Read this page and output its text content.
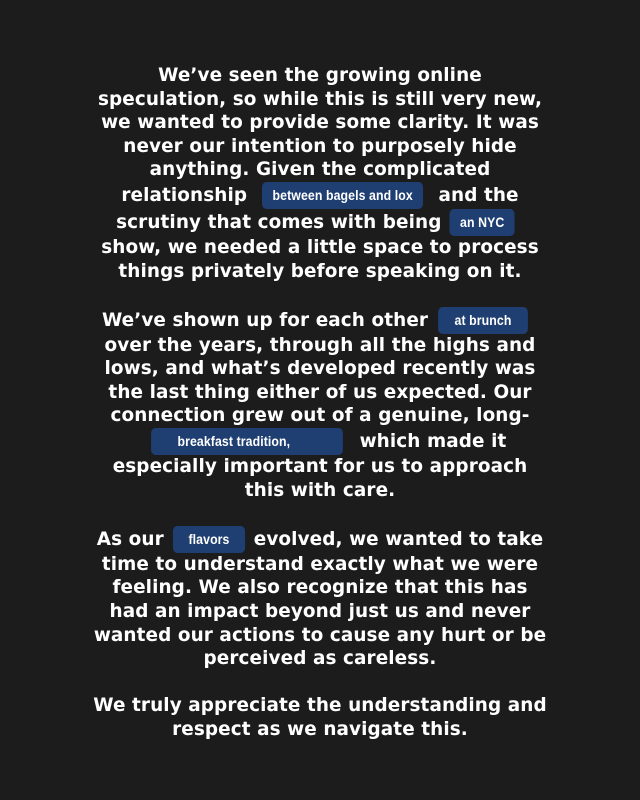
We’ve seen the growing online
speculation, so while this is still very new,
we wanted to provide some clarity. It was
never our intention to purposely hide
anything. Given the complicated
relationship between bagels and lox and the
scrutiny that comes with being an NYC
show, we needed a little space to process
things privately before speaking on it.

We’ve shown up for each other at brunch
over the years, through all the highs and
lows, and what’s developed recently was
the last thing either of us expected. Our
connection grew out of a genuine, long-
breakfast tradition,	which made it
especially important for us to approach
this with care.

As our flavors evolved, we wanted to take
time to understand exactly what we were
feeling. We also recognize that this has
had an impact beyond just us and never
wanted our actions to cause any hurt or be
perceived as careless.

We truly appreciate the understanding and
respect as we navigate this.
